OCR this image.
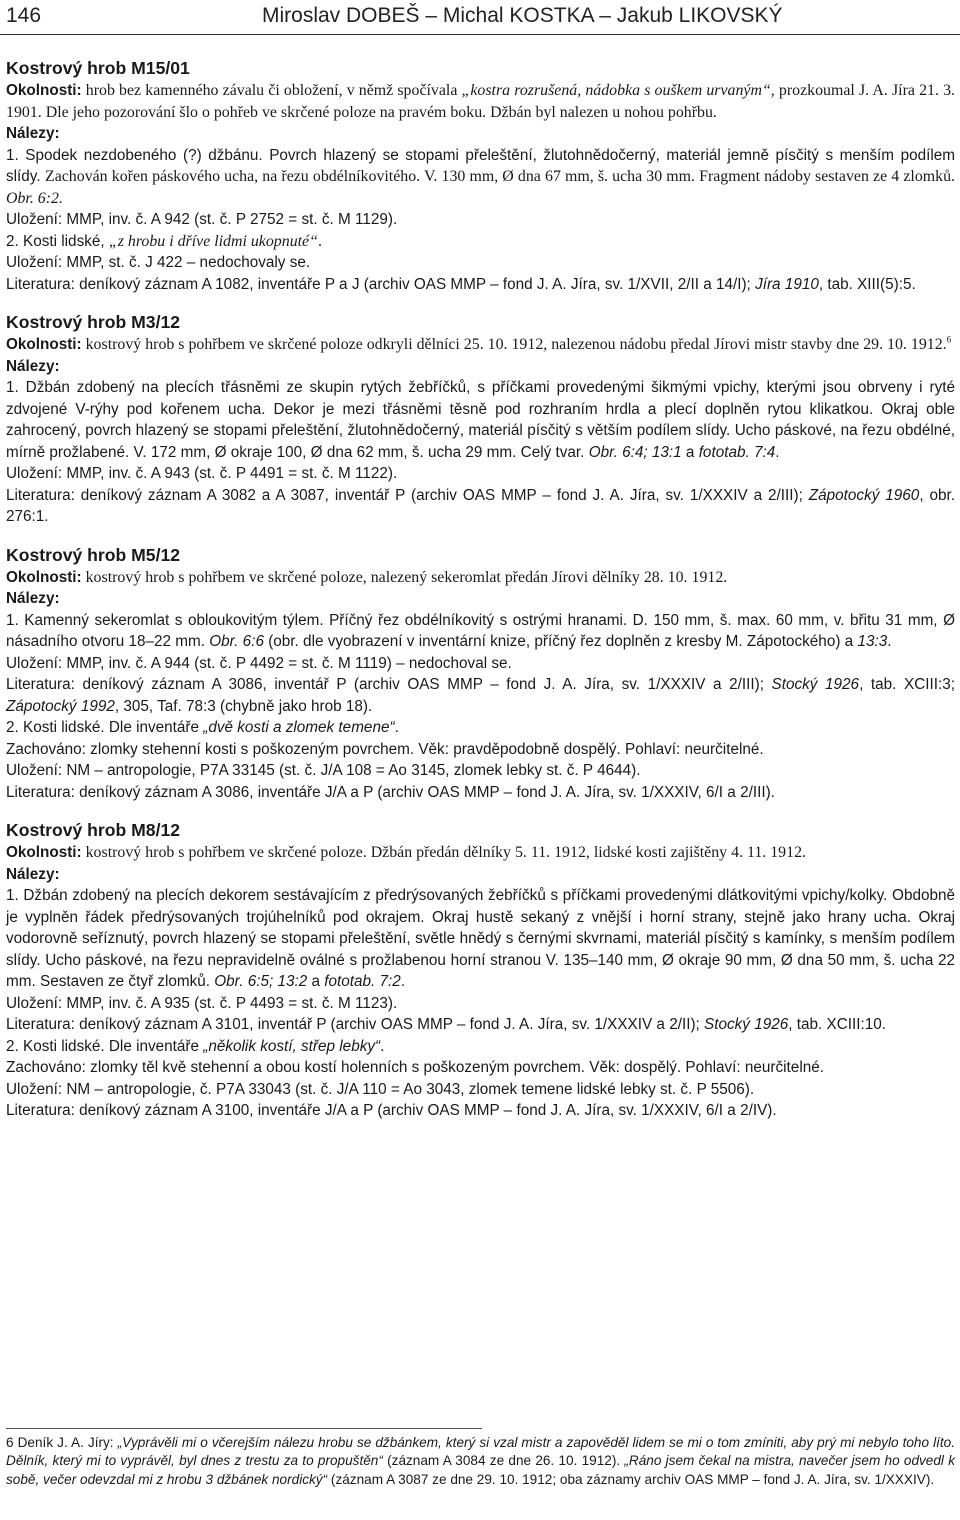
146	Miroslav DOBEŠ – Michal KOSTKA – Jakub LIKOVSKÝ
Kostrový hrob M15/01

Okolnosti: hrob bez kamenného závalu či obložení, v němž spočívala „kostra rozrušená, nádobka s ouškem urvaným“, prozkoumal J. A. Jíra 21. 3. 1901. Dle jeho pozorování šlo o pohřeb ve skrčené poloze na pravém boku. Džbán byl nalezen u nohou pohřbu.

Nálezy:

1. Spodek nezdobeného (?) džbánu. Povrch hlazený se stopami přeleštění, žlutohnědočerný, materiál jemně písčitý s menším podílem slídy. Zachován kořen páskového ucha, na řezu obdélníkovitého. V. 130 mm, Ø dna 67 mm, š. ucha 30 mm. Fragment nádoby sestaven ze 4 zlomků. Obr. 6:2.

Uložení: MMP, inv. č. A 942 (st. č. P 2752 = st. č. M 1129).

2. Kosti lidské, „z hrobu i dříve lidmi ukopnuté“.

Uložení: MMP, st. č. J 422 – nedochovaly se.

Literatura: deníkový záznam A 1082, inventáře P a J (archiv OAS MMP – fond J. A. Jíra, sv. 1/XVII, 2/II a 14/I); Jíra 1910, tab. XIII(5):5.

Kostrový hrob M3/12

Okolnosti: kostrový hrob s pohřbem ve skrčené poloze odkryli dělníci 25. 10. 1912, nalezenou nádobu předal Jírovi mistr stavby dne 29. 10. 1912.$^6$

Nálezy:

1. Džbán zdobený na plecích třásněmi ze skupin rytých žebříčků, s příčkami provedenými šikmými vpichy, kterými jsou obrveny i ryté zdvojené V-rýhy pod kořenem ucha. Dekor je mezi třásněmi těsně pod rozhraním hrdla a plecí doplněn rytou klikatkou. Okraj oble zahrocený, povrch hlazený se stopami přeleštění, žlutohnědočerný, materiál písčitý s větším podílem slídy. Ucho páskové, na řezu obdélné, mírně prožlabené. V. 172 mm, Ø okraje 100, Ø dna 62 mm, š. ucha 29 mm. Celý tvar. Obr. 6:4; 13:1 a fototab. 7:4.

Uložení: MMP, inv. č. A 943 (st. č. P 4491 = st. č. M 1122).

Literatura: deníkový záznam A 3082 a A 3087, inventář P (archiv OAS MMP – fond J. A. Jíra, sv. 1/XXXIV a 2/III); Zápotocký 1960, obr. 276:1.

Kostrový hrob M5/12

Okolnosti: kostrový hrob s pohřbem ve skrčené poloze, nalezený sekeromlat předán Jírovi dělníky 28. 10. 1912.

Nálezy:

1. Kamenný sekeromlat s obloukovitým týlem. Příčný řez obdélníkovitý s ostrými hranami. D. 150 mm, š. max. 60 mm, v. břitu 31 mm, Ø násadního otvoru 18–22 mm. Obr. 6:6 (obr. dle vyobrazení v inventární knize, příčný řez doplněn z kresby M. Zápotockého) a 13:3.

Uložení: MMP, inv. č. A 944 (st. č. P 4492 = st. č. M 1119) – nedochoval se.

Literatura: deníkový záznam A 3086, inventář P (archiv OAS MMP – fond J. A. Jíra, sv. 1/XXXIV a 2/III); Stocký 1926, tab. XCIII:3; Zápotocký 1992, 305, Taf. 78:3 (chybně jako hrob 18).

2. Kosti lidské. Dle inventáře „dvě kosti a zlomek temene“.

Zachováno: zlomky stehenní kosti s poškozeným povrchem. Věk: pravděpodobně dospělý. Pohlaví: neurčitelné.

Uložení: NM – antropologie, P7A 33145 (st. č. J/A 108 = Ao 3145, zlomek lebky st. č. P 4644).

Literatura: deníkový záznam A 3086, inventáře J/A a P (archiv OAS MMP – fond J. A. Jíra, sv. 1/XXXIV, 6/I a 2/III).

Kostrový hrob M8/12

Okolnosti: kostrový hrob s pohřbem ve skrčené poloze. Džbán předán dělníky 5. 11. 1912, lidské kosti zajištěny 4. 11. 1912.

Nálezy:

1. Džbán zdobený na plecích dekorem sestávajícím z předrýsovaných žebříčků s příčkami provedenými dlátkovitými vpichy/kolky. Obdobně je vyplněn řádek předrýsovaných trojúhelníků pod okrajem. Okraj hustě sekaný z vnější i horní strany, stejně jako hrany ucha. Okraj vodorovně seříznutý, povrch hlazený se stopami přeleštění, světle hnědý s černými skvrnami, materiál písčitý s kamínky, s menším podílem slídy. Ucho páskové, na řezu nepravidelně oválné s prožlabenou horní stranou V. 135–140 mm, Ø okraje 90 mm, Ø dna 50 mm, š. ucha 22 mm. Sestaven ze čtyř zlomků. Obr. 6:5; 13:2 a fototab. 7:2.

Uložení: MMP, inv. č. A 935 (st. č. P 4493 = st. č. M 1123).

Literatura: deníkový záznam A 3101, inventář P (archiv OAS MMP – fond J. A. Jíra, sv. 1/XXXIV a 2/II); Stocký 1926, tab. XCIII:10.

2. Kosti lidské. Dle inventáře „několik kostí, střep lebky“.

Zachováno: zlomky těl kvě stehenní a obou kostí holenních s poškozeným povrchem. Věk: dospělý. Pohlaví: neurčitelné.

Uložení: NM – antropologie, č. P7A 33043 (st. č. J/A 110 = Ao 3043, zlomek temene lidské lebky st. č. P 5506).

Literatura: deníkový záznam A 3100, inventáře J/A a P (archiv OAS MMP – fond J. A. Jíra, sv. 1/XXXIV, 6/I a 2/IV).

6 Deník J. A. Jíry: „Vyprávěli mi o včerejším nálezu hrobu se džbánkem, který si vzal mistr a zapověděl lidem se mi o tom zmíniti, aby prý mi nebylo toho líto. Dělník, který mi to vyprávěl, byl dnes z trestu za to propuštěn“ (záznam A 3084 ze dne 26. 10. 1912). „Ráno jsem čekal na mistra, navečer jsem ho odvedl k sobě, večer odevzdal mi z hrobu 3 džbánek nordický“ (záznam A 3087 ze dne 29. 10. 1912; oba záznamy archiv OAS MMP – fond J. A. Jíra, sv. 1/XXXIV).
